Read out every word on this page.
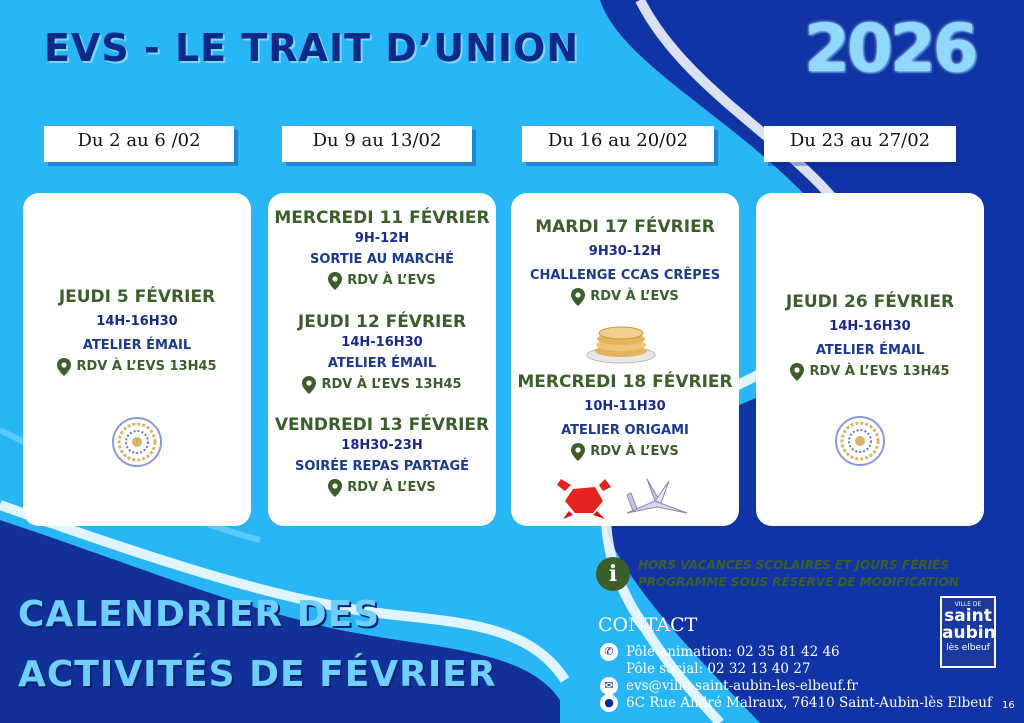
EVS - LE TRAIT D’UNION	2026
Du 2 au 6 /02	Du 9 au 13/02	Du 16 au 20/02	Du 23 au 27/02
JEUDI 5 FÉVRIER
14H-16H30
ATELIER ÉMAIL
RDV À L’EVS 13H45
MERCREDI 11 FÉVRIER
9H-12H
SORTIE AU MARCHÉ
RDV À L’EVS
JEUDI 12 FÉVRIER
14H-16H30
ATELIER ÉMAIL
RDV À L’EVS 13H45
VENDREDI 13 FÉVRIER
18H30-23H
SOIRÉE REPAS PARTAGÉ
RDV À L’EVS
MARDI 17 FÉVRIER
9H30-12H
CHALLENGE CCAS CRÊPES
RDV À L’EVS
MERCREDI 18 FÉVRIER
10H-11H30
ATELIER ORIGAMI
RDV À L’EVS
JEUDI 26 FÉVRIER
14H-16H30
ATELIER ÉMAIL
RDV À L’EVS 13H45
i	HORS VACANCES SCOLAIRES ET JOURS FÉRIÉS
PROGRAMME SOUS RÉSERVE DE MODIFICATION
CALENDRIER DES
ACTIVITÉS DE FÉVRIER
CONTACT
✆ Pôle animation: 02 35 81 42 46
Pôle social: 02 32 13 40 27
✉ evs@ville-saint-aubin-les-elbeuf.fr
● 6C Rue André Malraux, 76410 Saint-Aubin-lès Elbeuf
VILLE DE
saint
aubin
lès elbeuf
16
